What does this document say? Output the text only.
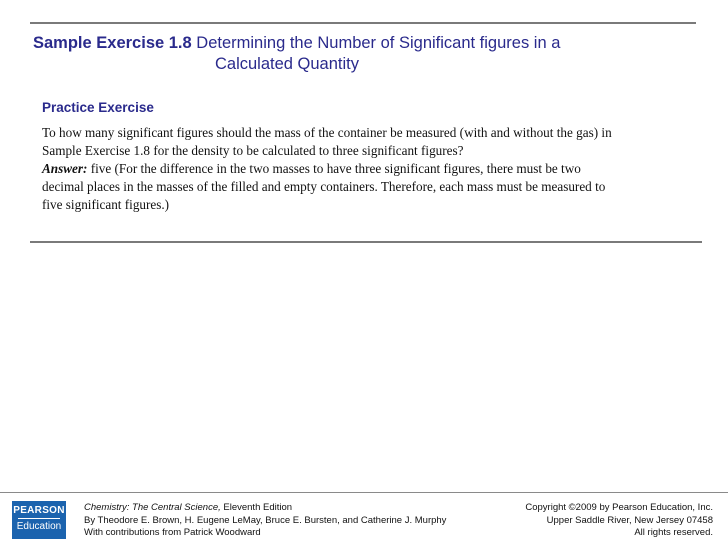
Sample Exercise 1.8 Determining the Number of Significant figures in a
Calculated Quantity
Practice Exercise
To how many significant figures should the mass of the container be measured (with and without the gas) in
Sample Exercise 1.8 for the density to be calculated to three significant figures?
Answer: five (For the difference in the two masses to have three significant figures, there must be two
decimal places in the masses of the filled and empty containers. Therefore, each mass must be measured to
five significant figures.)
PEARSON
Education
Chemistry: The Central Science, Eleventh Edition
By Theodore E. Brown, H. Eugene LeMay, Bruce E. Bursten, and Catherine J. Murphy
With contributions from Patrick Woodward
Copyright ©2009 by Pearson Education, Inc.
Upper Saddle River, New Jersey 07458
All rights reserved.
